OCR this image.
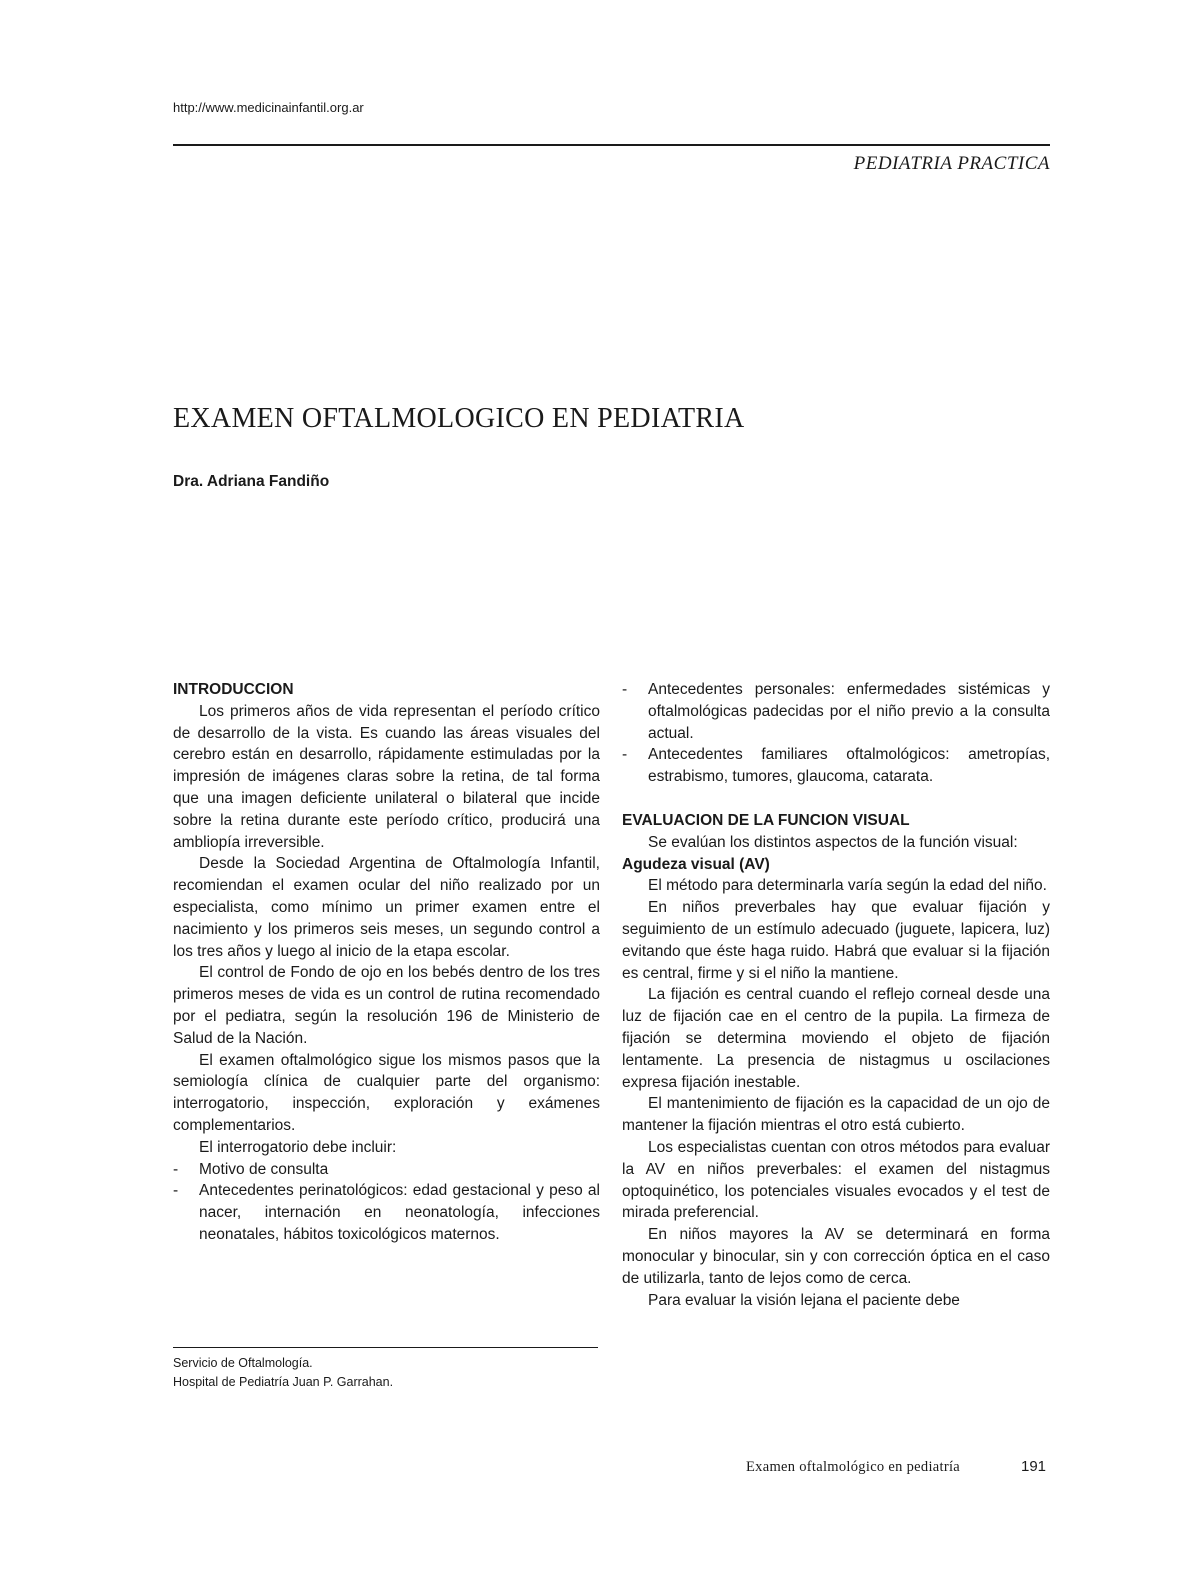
http://www.medicinainfantil.org.ar
PEDIATRIA PRACTICA
EXAMEN OFTALMOLOGICO EN PEDIATRIA
Dra. Adriana Fandiño

INTRODUCCION

Los primeros años de vida representan el período crítico de desarrollo de la vista. Es cuando las áreas visuales del cerebro están en desarrollo, rápidamente estimuladas por la impresión de imágenes claras sobre la retina, de tal forma que una imagen deficiente unilateral o bilateral que incide sobre la retina durante este período crítico, producirá una ambliopía irreversible.

Desde la Sociedad Argentina de Oftalmología Infantil, recomiendan el examen ocular del niño realizado por un especialista, como mínimo un primer examen entre el nacimiento y los primeros seis meses, un segundo control a los tres años y luego al inicio de la etapa escolar.

El control de Fondo de ojo en los bebés dentro de los tres primeros meses de vida es un control de rutina recomendado por el pediatra, según la resolución 196 de Ministerio de Salud de la Nación.

El examen oftalmológico sigue los mismos pasos que la semiología clínica de cualquier parte del organismo: interrogatorio, inspección, exploración y exámenes complementarios.

El interrogatorio debe incluir:

- Motivo de consulta
- Antecedentes perinatológicos: edad gestacional y peso al nacer, internación en neonatología, infecciones neonatales, hábitos toxicológicos maternos.
Servicio de Oftalmología.
Hospital de Pediatría Juan P. Garrahan.
- Antecedentes personales: enfermedades sistémicas y oftalmológicas padecidas por el niño previo a la consulta actual.
- Antecedentes familiares oftalmológicos: ametropías, estrabismo, tumores, glaucoma, catarata.

EVALUACION DE LA FUNCION VISUAL

Se evalúan los distintos aspectos de la función visual:

Agudeza visual (AV)

El método para determinarla varía según la edad del niño.

En niños preverbales hay que evaluar fijación y seguimiento de un estímulo adecuado (juguete, lapicera, luz) evitando que éste haga ruido. Habrá que evaluar si la fijación es central, firme y si el niño la mantiene.

La fijación es central cuando el reflejo corneal desde una luz de fijación cae en el centro de la pupila. La firmeza de fijación se determina moviendo el objeto de fijación lentamente. La presencia de nistagmus u oscilaciones expresa fijación inestable.

El mantenimiento de fijación es la capacidad de un ojo de mantener la fijación mientras el otro está cubierto.

Los especialistas cuentan con otros métodos para evaluar la AV en niños preverbales: el examen del nistagmus optoquinético, los potenciales visuales evocados y el test de mirada preferencial.

En niños mayores la AV se determinará en forma monocular y binocular, sin y con corrección óptica en el caso de utilizarla, tanto de lejos como de cerca.

Para evaluar la visión lejana el paciente debe

Examen oftalmológico en pediatría	191
